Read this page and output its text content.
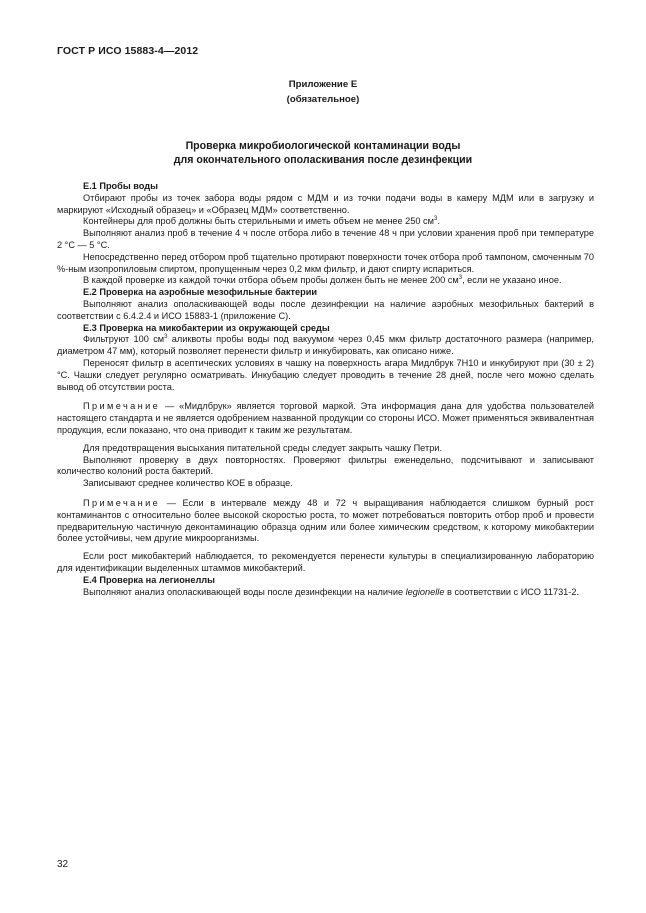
ГОСТ Р ИСО 15883-4—2012
Приложение Е
(обязательное)
Проверка микробиологической контаминации воды
для окончательного ополаскивания после дезинфекции

Е.1 Пробы воды

Отбирают пробы из точек забора воды рядом с МДМ и из точки подачи воды в камеру МДМ или в загрузку и маркируют «Исходный образец» и «Образец МДМ» соответственно.

Контейнеры для проб должны быть стерильными и иметь объем не менее 250 $см^3$.

Выполняют анализ проб в течение 4 ч после отбора либо в течение 48 ч при условии хранения проб при температуре 2 °С — 5 °С.

Непосредственно перед отбором проб тщательно протирают поверхности точек отбора проб тампоном, смоченным 70 %-ным изопропиловым спиртом, пропущенным через 0,2 мкм фильтр, и дают спирту испариться.

В каждой проверке из каждой точки отбора объем пробы должен быть не менее 200 $см^3$, если не указано иное.

Е.2 Проверка на аэробные мезофильные бактерии

Выполняют анализ ополаскивающей воды после дезинфекции на наличие аэробных мезофильных бактерий в соответствии с 6.4.2.4 и ИСО 15883-1 (приложение С).

Е.3 Проверка на микобактерии из окружающей среды

Фильтруют 100 $см^3$ аликвоты пробы воды под вакуумом через 0,45 мкм фильтр достаточного размера (например, диаметром 47 мм), который позволяет перенести фильтр и инкубировать, как описано ниже.

Переносят фильтр в асептических условиях в чашку на поверхность агара Мидлбрук 7Н10 и инкубируют при (30 ± 2) °С. Чашки следует регулярно осматривать. Инкубацию следует проводить в течение 28 дней, после чего можно сделать вывод об отсутствии роста.

Примечание — «Мидлбрук» является торговой маркой. Эта информация дана для удобства пользователей настоящего стандарта и не является одобрением названной продукции со стороны ИСО. Может применяться эквивалентная продукция, если показано, что она приводит к таким же результатам.

Для предотвращения высыхания питательной среды следует закрыть чашку Петри.

Выполняют проверку в двух повторностях. Проверяют фильтры еженедельно, подсчитывают и записывают количество колоний роста бактерий.

Записывают среднее количество КОЕ в образце.

Примечание — Если в интервале между 48 и 72 ч выращивания наблюдается слишком бурный рост контаминантов с относительно более высокой скоростью роста, то может потребоваться повторить отбор проб и провести предварительную частичную деконтаминацию образца одним или более химическим средством, к которому микобактерии более устойчивы, чем другие микроорганизмы.

Если рост микобактерий наблюдается, то рекомендуется перенести культуры в специализированную лабораторию для идентификации выделенных штаммов микобактерий.

Е.4 Проверка на легионеллы

Выполняют анализ ополаскивающей воды после дезинфекции на наличие legionelle в соответствии с ИСО 11731-2.

32
